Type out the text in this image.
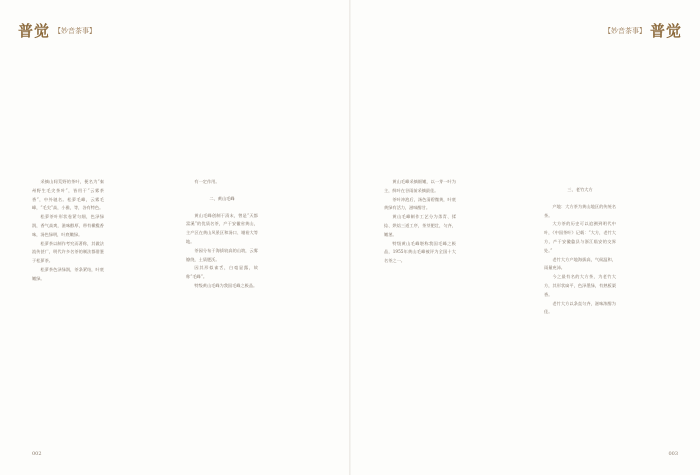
普觉 【妙音茶事】	【妙音茶事】 普觉

采摘山间荒野的茶叶，便名为“秦州野生毛尖茶叶”，皆用于“云雾茶香”，中外驰名。松萝毛峰，云雾毛峰，“毛尖”高，小雅，等，各有特色。

松萝茶叶形状卷紧匀细，色泽绿润，香气高爽，滋味醇厚，带有橄榄香味，汤色绿明，叶底嫩绿。

松萝茶以制作考究而著称，其做法流传甚广，明代许多名茶的制法都借鉴于松萝茶。

松萝茶色泽绿润，茶条紧结，叶底嫩绿。

有一定作用。

二、黄山毛峰

黄山毛峰创制于清末，曾是“天都富溪”的优质名茶，产于安徽省黄山，主产区在黄山风景区和汤口、谢裕大等地。

茶园分布于海拔较高的山坡，云雾缭绕，土质肥沃。

因其形似雀舌，白毫显露，故称“毛峰”。

特级黄山毛峰为我国毛峰之极品。

黄山毛峰采摘细嫩，以一芽一叶为主，鲜叶在谷雨前采摘最佳。

茶叶冲泡后，汤色清碧微黄，叶底黄绿有活力，滋味醇甘。

黄山毛峰制作工艺分为杀青、揉捻、烘焙三道工序，茶芽肥壮，匀齐，嫩茎。

特级黄山毛峰堪称我国毛峰之极品，1955年黄山毛峰被评为全国十大名茶之一。

三、老竹大方

产地：大方茶为黄山地区的传统名茶。

大方茶的历史可以追溯到明代中叶，《中国茶叶》记载：“大方，老竹大方，产于安徽歙县与浙江临安的交界处。”

老竹大方产地海拔高，气候温和，雨量充沛。

今之最有名的大方茶，为老竹大方，其形状扁平，色泽墨绿，有熟板栗香。

老竹大方以条直匀齐，滋味浓醇为佳。

002	003
